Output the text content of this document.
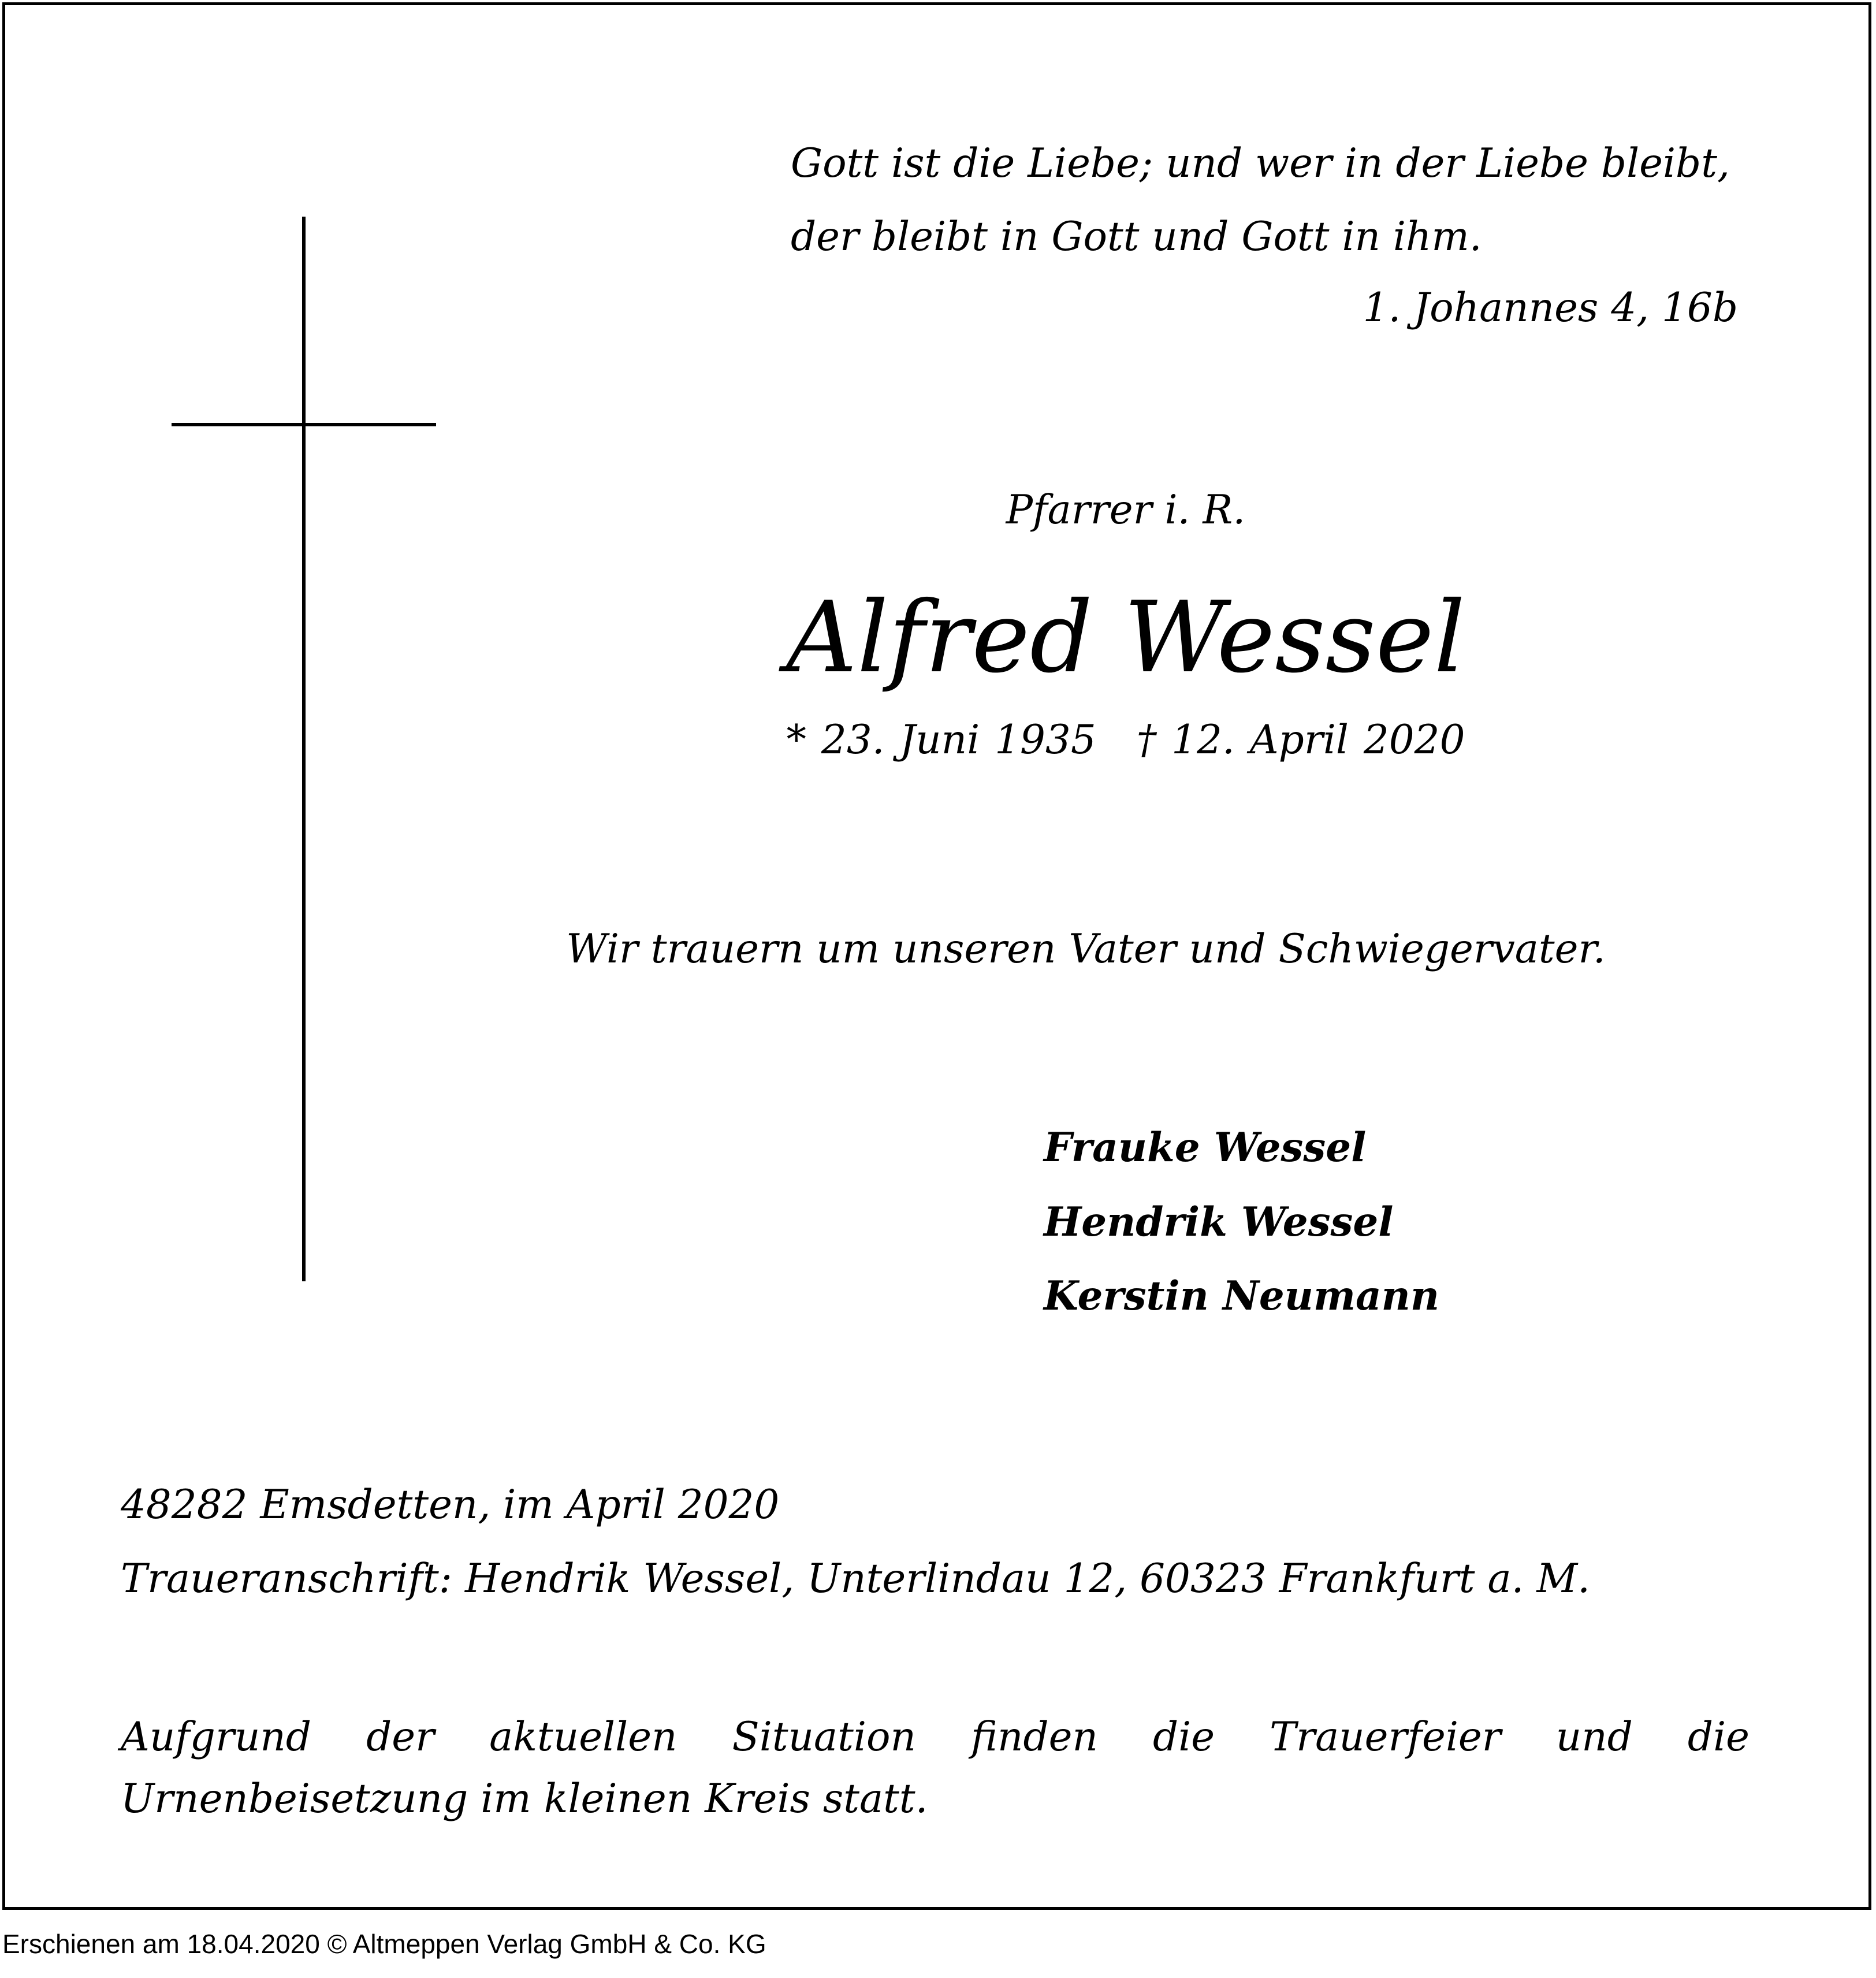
Gott ist die Liebe; und wer in der Liebe bleibt,
der bleibt in Gott und Gott in ihm.
1. Johannes 4, 16b
Pfarrer i. R.
Alfred Wessel
* 23. Juni 1935 † 12. April 2020
Wir trauern um unseren Vater und Schwiegervater.
Frauke Wessel
Hendrik Wessel
Kerstin Neumann
48282 Emsdetten, im April 2020
Traueranschrift: Hendrik Wessel, Unterlindau 12, 60323 Frankfurt a. M.
Aufgrund der aktuellen Situation finden die Trauerfeier und die Urnenbeisetzung im kleinen Kreis statt.
Erschienen am 18.04.2020 © Altmeppen Verlag GmbH & Co. KG
